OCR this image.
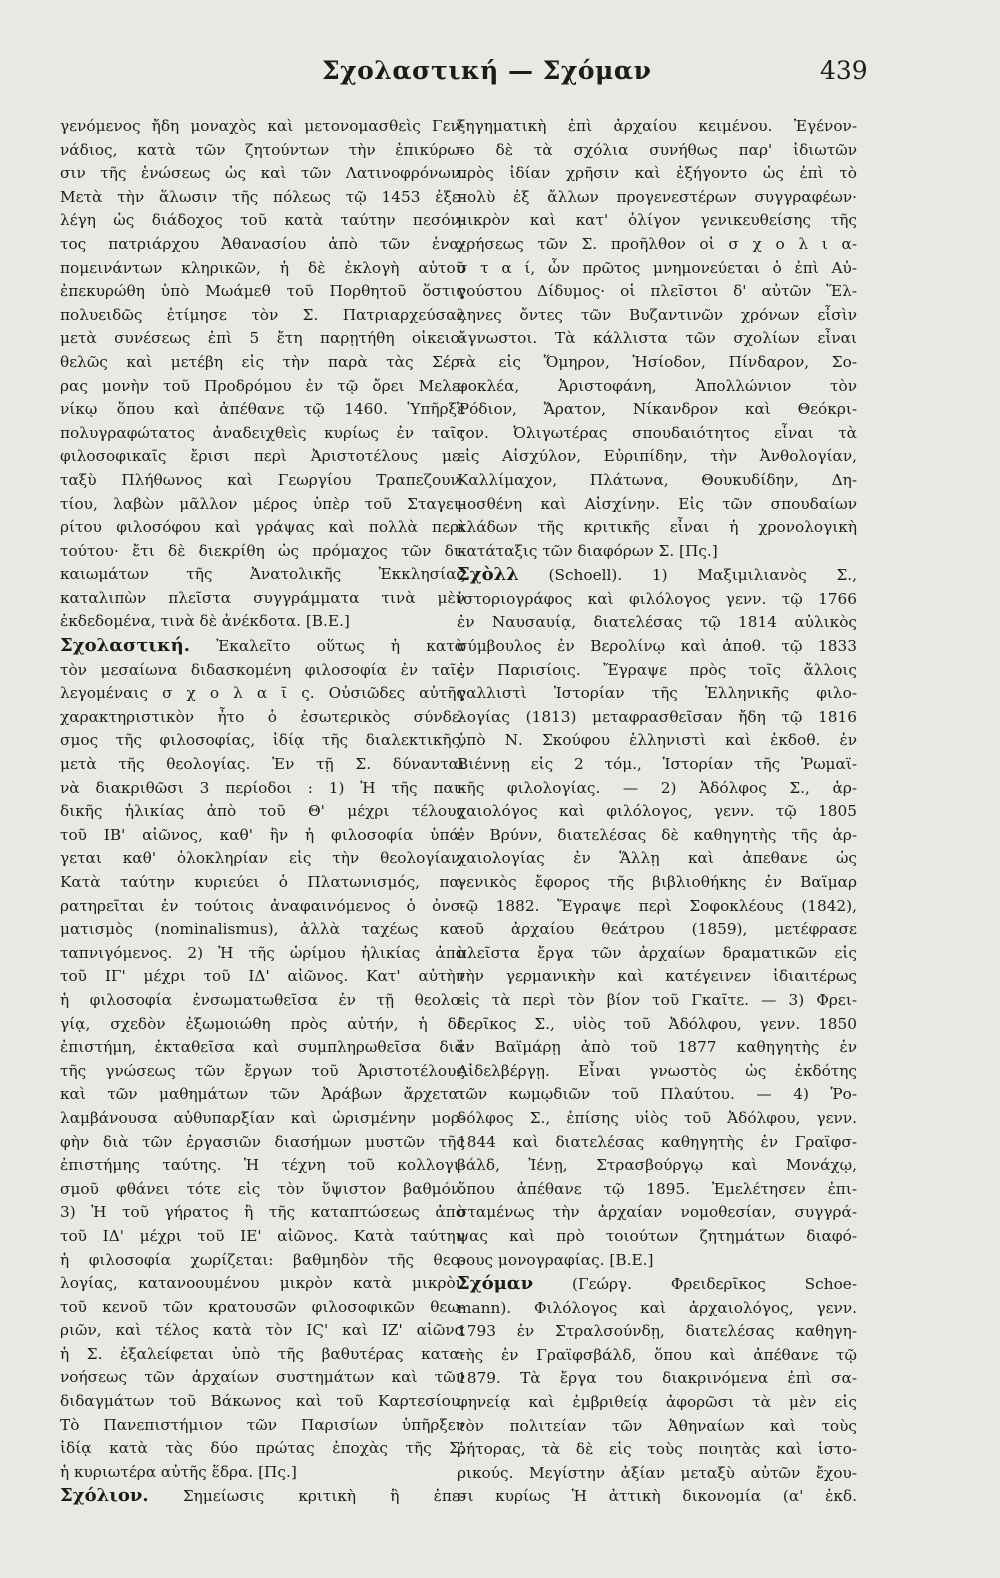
Σχολαστική — Σχόμαν	439
γενόμενος ἤδη μοναχὸς καὶ μετονομασθεὶς Γεν-
νάδιος, κατὰ τῶν ζητούντων τὴν ἐπικύρω-
σιν τῆς ἑνώσεως ὡς καὶ τῶν Λατινοφρόνων.
Μετὰ τὴν ἅλωσιν τῆς πόλεως τῷ 1453 ἐξε-
λέγη ὡς διάδοχος τοῦ κατὰ ταύτην πεσόν-
τος πατριάρχου Ἀθανασίου ἀπὸ τῶν ἐνα-
πομεινάντων κληρικῶν, ἡ δὲ ἐκλογὴ αὐτοῦ
ἐπεκυρώθη ὑπὸ Μωάμεθ τοῦ Πορθητοῦ ὅστις
πολυειδῶς ἐτίμησε τὸν Σ. Πατριαρχεύσας
μετὰ συνέσεως ἐπὶ 5 ἔτη παρῃτήθη οἰκειο-
θελῶς καὶ μετέβη εἰς τὴν παρὰ τὰς Σέρ-
ρας μονὴν τοῦ Προδρόμου ἐν τῷ ὄρει Μελε-
νίκῳ ὅπου καὶ ἀπέθανε τῷ 1460. Ὑπῆρξε
πολυγραφώτατος ἀναδειχθεὶς κυρίως ἐν ταῖς
φιλοσοφικαῖς ἔρισι περὶ Ἀριστοτέλους με-
ταξὺ Πλήθωνος καὶ Γεωργίου Τραπεζουν-
τίου, λαβὼν μᾶλλον μέρος ὑπὲρ τοῦ Σταγει-
ρίτου φιλοσόφου καὶ γράψας καὶ πολλὰ περὶ
τούτου· ἔτι δὲ διεκρίθη ὡς πρόμαχος τῶν δι-
καιωμάτων τῆς Ἀνατολικῆς Ἐκκλησίας
καταλιπὼν πλεῖστα συγγράμματα τινὰ μὲν
ἐκδεδομένα, τινὰ δὲ ἀνέκδοτα. [Β.Ε.]
Σχολαστική. Ἐκαλεῖτο οὕτως ἡ κατὰ
τὸν μεσαίωνα διδασκομένη φιλοσοφία ἐν ταῖς
λεγομέναις σ χ ο λ α ῖ ς. Οὐσιῶδες αὐτῆς
χαρακτηριστικὸν ἦτο ὁ ἐσωτερικὸς σύνδε-
σμος τῆς φιλοσοφίας, ἰδίᾳ τῆς διαλεκτικῆς,
μετὰ τῆς θεολογίας. Ἐν τῇ Σ. δύνανται
νὰ διακριθῶσι 3 περίοδοι : 1) Ἡ τῆς παι-
δικῆς ἡλικίας ἀπὸ τοῦ Θ' μέχρι τέλους
τοῦ ΙΒ' αἰῶνος, καθ' ἣν ἡ φιλοσοφία ὑπά-
γεται καθ' ὁλοκληρίαν εἰς τὴν θεολογίαν.
Κατὰ ταύτην κυριεύει ὁ Πλατωνισμός, πα-
ρατηρεῖται ἐν τούτοις ἀναφαινόμενος ὁ ὀνο-
ματισμὸς (nominalismus), ἀλλὰ ταχέως κα-
ταπνιγόμενος. 2) Ἡ τῆς ὡρίμου ἡλικίας ἀπὸ
τοῦ ΙΓ' μέχρι τοῦ ΙΔ' αἰῶνος. Κατ' αὐτὴν
ἡ φιλοσοφία ἐνσωματωθεῖσα ἐν τῇ θεολο-
γίᾳ, σχεδὸν ἐξωμοιώθη πρὸς αὐτήν, ἡ δὲ
ἐπιστήμη, ἐκταθεῖσα καὶ συμπληρωθεῖσα διὰ
τῆς γνώσεως τῶν ἔργων τοῦ Ἀριστοτέλους
καὶ τῶν μαθημάτων τῶν Ἀράβων ἄρχεται
λαμβάνουσα αὐθυπαρξίαν καὶ ὡρισμένην μορ-
φὴν διὰ τῶν ἐργασιῶν διασήμων μυστῶν τῆς
ἐπιστήμης ταύτης. Ἡ τέχνη τοῦ κολλογι-
σμοῦ φθάνει τότε εἰς τὸν ὕψιστον βαθμόν.
3) Ἡ τοῦ γήρατος ἢ τῆς καταπτώσεως ἀπὸ
τοῦ ΙΔ' μέχρι τοῦ ΙΕ' αἰῶνος. Κατὰ ταύτην
ἡ φιλοσοφία χωρίζεται: βαθμηδὸν τῆς θεο-
λογίας, κατανοουμένου μικρὸν κατὰ μικρὸν
τοῦ κενοῦ τῶν κρατουσῶν φιλοσοφικῶν θεω-
ριῶν, καὶ τέλος κατὰ τὸν ΙϚ' καὶ ΙΖ' αἰῶνα
ἡ Σ. ἐξαλείφεται ὑπὸ τῆς βαθυτέρας κατα-
νοήσεως τῶν ἀρχαίων συστημάτων καὶ τῶν
διδαγμάτων τοῦ Βάκωνος καὶ τοῦ Καρτεσίου.
Τὸ Πανεπιστήμιον τῶν Παρισίων ὑπῆρξεν
ἰδίᾳ κατὰ τὰς δύο πρώτας ἐποχὰς τῆς Σ.
ἡ κυριωτέρα αὐτῆς ἕδρα. [Πς.]
Σχόλιον. Σημείωσις κριτικὴ ἢ ἐπε-
ξηγηματικὴ ἐπὶ ἀρχαίου κειμένου. Ἐγένον-
το δὲ τὰ σχόλια συνήθως παρ' ἰδιωτῶν
πρὸς ἰδίαν χρῆσιν καὶ ἐξήγοντο ὡς ἐπὶ τὸ
πολὺ ἐξ ἄλλων προγενεστέρων συγγραφέων·
μικρὸν καὶ κατ' ὀλίγον γενικευθείσης τῆς
χρήσεως τῶν Σ. προῆλθον οἱ σ χ ο λ ι α-
σ τ α ί, ὧν πρῶτος μνημονεύεται ὁ ἐπὶ Αὐ-
γούστου Δίδυμος· οἱ πλεῖστοι δ' αὐτῶν Ἕλ-
ληνες ὄντες τῶν Βυζαντινῶν χρόνων εἶσὶν
ἄγνωστοι. Τὰ κάλλιστα τῶν σχολίων εἶναι
τὰ εἰς Ὅμηρον, Ἡσίοδον, Πίνδαρον, Σο-
φοκλέα, Ἀριστοφάνη, Ἀπολλώνιον τὸν
Ῥόδιον, Ἄρατον, Νίκανδρον καὶ Θεόκρι-
τον. Ὀλιγωτέρας σπουδαιότητος εἶναι τὰ
εἰς Αἰσχύλον, Εὐριπίδην, τὴν Ἀνθολογίαν,
Καλλίμαχον, Πλάτωνα, Θουκυδίδην, Δη-
μοσθένη καὶ Αἰσχίνην. Εἰς τῶν σπουδαίων
κλάδων τῆς κριτικῆς εἶναι ἡ χρονολογικὴ
κατάταξις τῶν διαφόρων Σ. [Πς.]
Σχὸλλ (Schoell). 1) Μαξιμιλιανὸς Σ.,
ἱστοριογράφος καὶ φιλόλογος γενν. τῷ 1766
ἐν Ναυσαυίᾳ, διατελέσας τῷ 1814 αὐλικὸς
σύμβουλος ἐν Βερολίνῳ καὶ ἀποθ. τῷ 1833
ἐν Παρισίοις. Ἔγραψε πρὸς τοῖς ἄλλοις
γαλλιστὶ Ἱστορίαν τῆς Ἑλληνικῆς φιλο-
λογίας (1813) μεταφρασθεῖσαν ἤδη τῷ 1816
ὑπὸ Ν. Σκούφου ἑλληνιστὶ καὶ ἐκδοθ. ἐν
Βιέννῃ εἰς 2 τόμ., Ἱστορίαν τῆς Ῥωμαϊ-
κῆς φιλολογίας. — 2) Ἀδόλφος Σ., ἀρ-
χαιολόγος καὶ φιλόλογος, γενν. τῷ 1805
ἐν Βρύνν, διατελέσας δὲ καθηγητὴς τῆς ἀρ-
χαιολογίας ἐν Ἅλλῃ καὶ ἀπεθανε ὡς
γενικὸς ἔφορος τῆς βιβλιοθήκης ἐν Βαϊμαρ
τῷ 1882. Ἔγραψε περὶ Σοφοκλέους (1842),
τοῦ ἀρχαίου θεάτρου (1859), μετέφρασε
πλεῖστα ἔργα τῶν ἀρχαίων δραματικῶν εἰς
τὴν γερμανικὴν καὶ κατέγεινεν ἰδιαιτέρως
εἰς τὰ περὶ τὸν βίον τοῦ Γκαῖτε. — 3) Φρει-
δερῖκος Σ., υἱὸς τοῦ Ἀδόλφου, γενν. 1850
ἐν Βαϊμάρῃ ἀπὸ τοῦ 1877 καθηγητὴς ἐν
Αἰδελβέργῃ. Εἶναι γνωστὸς ὡς ἐκδότης
τῶν κωμῳδιῶν τοῦ Πλαύτου. — 4) Ῥο-
δόλφος Σ., ἐπίσης υἱὸς τοῦ Ἀδόλφου, γενν.
1844 καὶ διατελέσας καθηγητὴς ἐν Γραϊφσ-
βάλδ, Ἰένῃ, Στρασβούργῳ καὶ Μονάχῳ,
ὅπου ἀπέθανε τῷ 1895. Ἐμελέτησεν ἐπι-
σταμένως τὴν ἀρχαίαν νομοθεσίαν, συγγρά-
ψας καὶ πρὸ τοιούτων ζητημάτων διαφό-
ρους μονογραφίας. [Β.Ε.]
Σχόμαν (Γεώργ. Φρειδερῖκος Schoe-
mann). Φιλόλογος καὶ ἀρχαιολόγος, γενν.
1793 ἐν Στραλσούνδῃ, διατελέσας καθηγη-
τὴς ἐν Γραϊφσβάλδ, ὅπου καὶ ἀπέθανε τῷ
1879. Τὰ ἔργα του διακρινόμενα ἐπὶ σα-
φηνείᾳ καὶ ἐμβριθείᾳ ἀφορῶσι τὰ μὲν εἰς
τὸν πολιτείαν τῶν Ἀθηναίων καὶ τοὺς
ῥήτορας, τὰ δὲ εἰς τοὺς ποιητὰς καὶ ἱστο-
ρικούς. Μεγίστην ἀξίαν μεταξὺ αὐτῶν ἔχου-
σι κυρίως Ἡ ἀττικὴ δικονομία (α' ἐκδ.
